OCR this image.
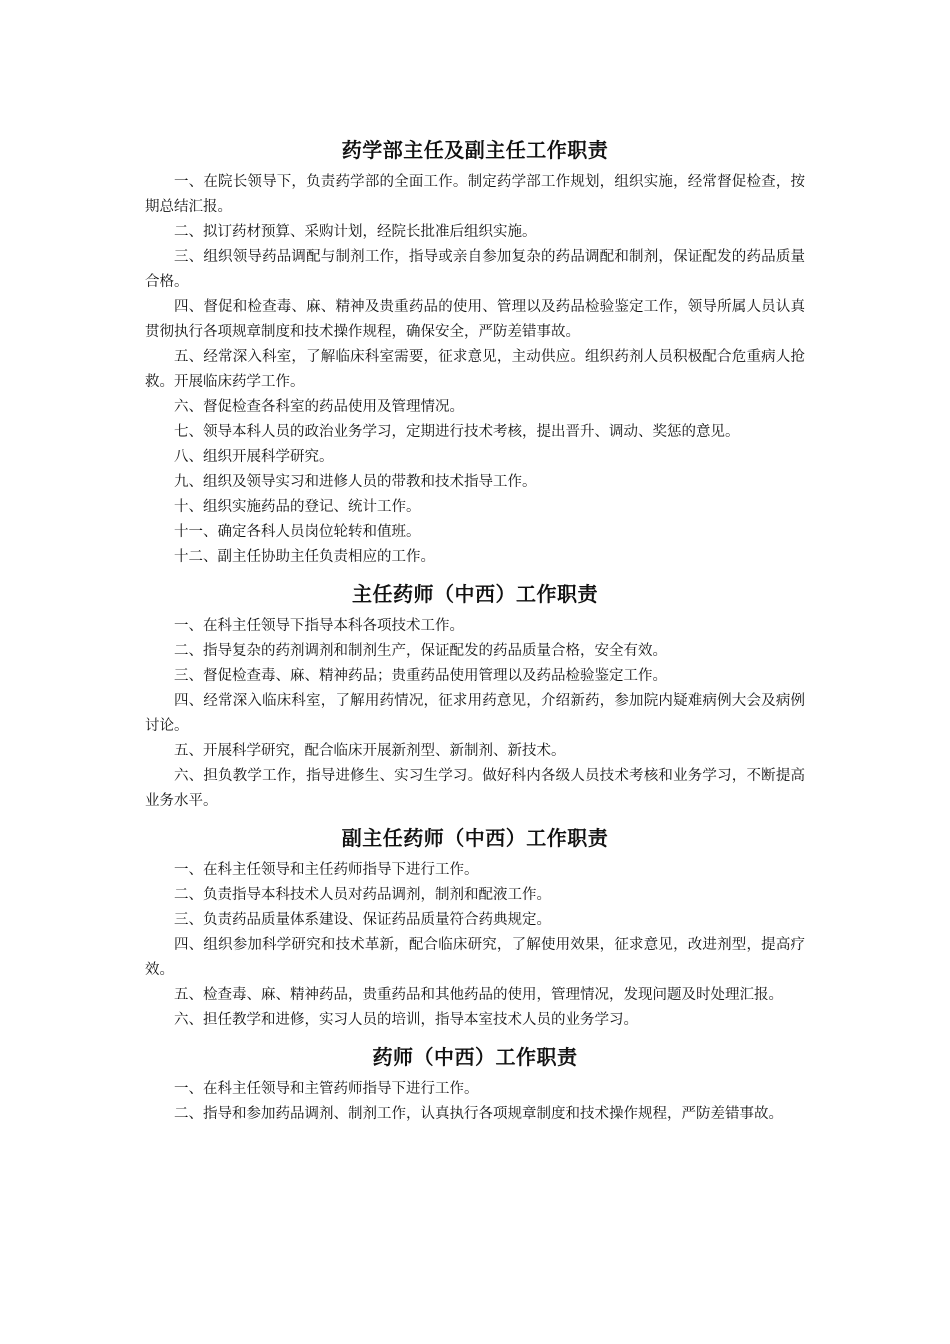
药学部主任及副主任工作职责

一、在院长领导下，负责药学部的全面工作。制定药学部工作规划，组织实施，经常督促检查，按期总结汇报。

二、拟订药材预算、采购计划，经院长批准后组织实施。

三、组织领导药品调配与制剂工作，指导或亲自参加复杂的药品调配和制剂，保证配发的药品质量合格。

四、督促和检查毒、麻、精神及贵重药品的使用、管理以及药品检验鉴定工作，领导所属人员认真贯彻执行各项规章制度和技术操作规程，确保安全，严防差错事故。

五、经常深入科室，了解临床科室需要，征求意见，主动供应。组织药剂人员积极配合危重病人抢救。开展临床药学工作。

六、督促检查各科室的药品使用及管理情况。

七、领导本科人员的政治业务学习，定期进行技术考核，提出晋升、调动、奖惩的意见。

八、组织开展科学研究。

九、组织及领导实习和进修人员的带教和技术指导工作。

十、组织实施药品的登记、统计工作。

十一、确定各科人员岗位轮转和值班。

十二、副主任协助主任负责相应的工作。

主任药师（中西）工作职责

一、在科主任领导下指导本科各项技术工作。

二、指导复杂的药剂调剂和制剂生产，保证配发的药品质量合格，安全有效。

三、督促检查毒、麻、精神药品；贵重药品使用管理以及药品检验鉴定工作。

四、经常深入临床科室，了解用药情况，征求用药意见，介绍新药，参加院内疑难病例大会及病例讨论。

五、开展科学研究，配合临床开展新剂型、新制剂、新技术。

六、担负教学工作，指导进修生、实习生学习。做好科内各级人员技术考核和业务学习，不断提高业务水平。

副主任药师（中西）工作职责

一、在科主任领导和主任药师指导下进行工作。

二、负责指导本科技术人员对药品调剂，制剂和配液工作。

三、负责药品质量体系建设、保证药品质量符合药典规定。

四、组织参加科学研究和技术革新，配合临床研究，了解使用效果，征求意见，改进剂型，提高疗效。

五、检查毒、麻、精神药品，贵重药品和其他药品的使用，管理情况，发现问题及时处理汇报。

六、担任教学和进修，实习人员的培训，指导本室技术人员的业务学习。

药师（中西）工作职责

一、在科主任领导和主管药师指导下进行工作。

二、指导和参加药品调剂、制剂工作，认真执行各项规章制度和技术操作规程，严防差错事故。
